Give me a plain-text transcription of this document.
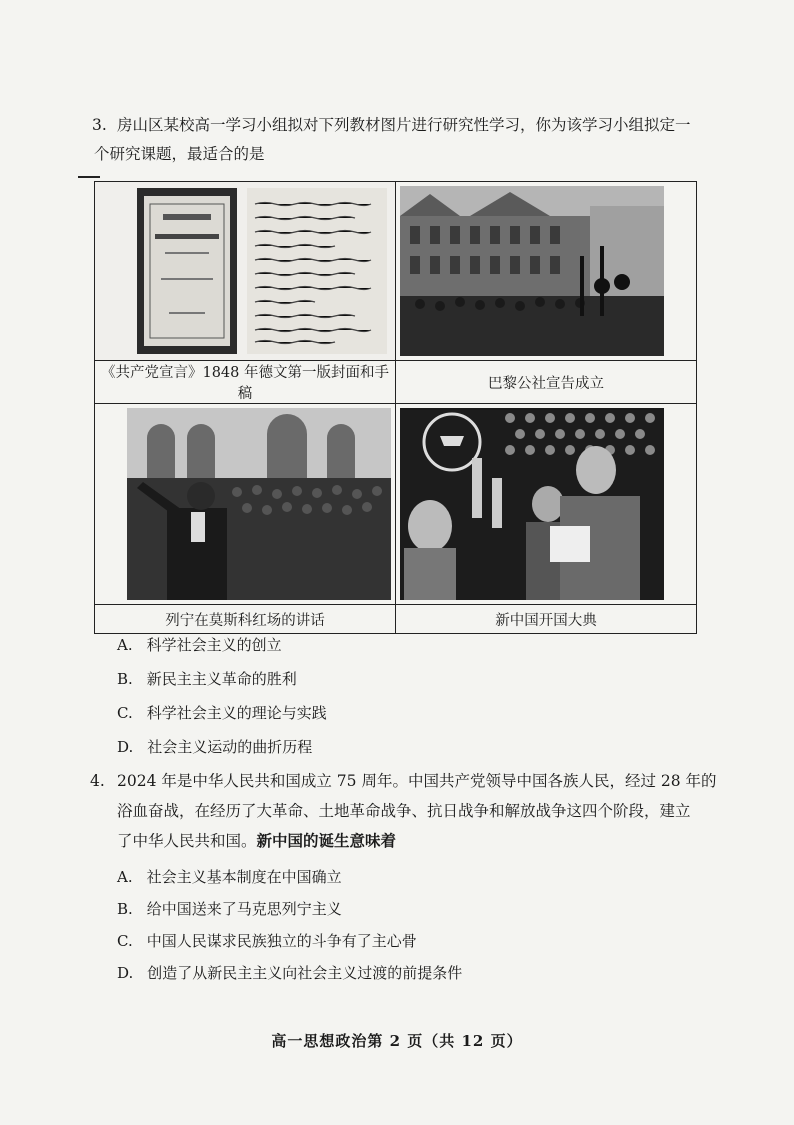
3. 房山区某校高一学习小组拟对下列教材图片进行研究性学习，你为该学习小组拟定一
个研究课题，最适合的是

《共产党宣言》1848 年德文第一版封面和手稿	巴黎公社宣告成立

列宁在莫斯科红场的讲话	新中国开国大典
A. 科学社会主义的创立
B. 新民主主义革命的胜利
C. 科学社会主义的理论与实践
D. 社会主义运动的曲折历程
4. 2024 年是中华人民共和国成立 75 周年。中国共产党领导中国各族人民，经过 28 年的
浴血奋战，在经历了大革命、土地革命战争、抗日战争和解放战争这四个阶段，建立
了中华人民共和国。新中国的诞生意味着
A. 社会主义基本制度在中国确立
B. 给中国送来了马克思列宁主义
C. 中国人民谋求民族独立的斗争有了主心骨
D. 创造了从新民主主义向社会主义过渡的前提条件
高一思想政治第 2 页（共 12 页）
